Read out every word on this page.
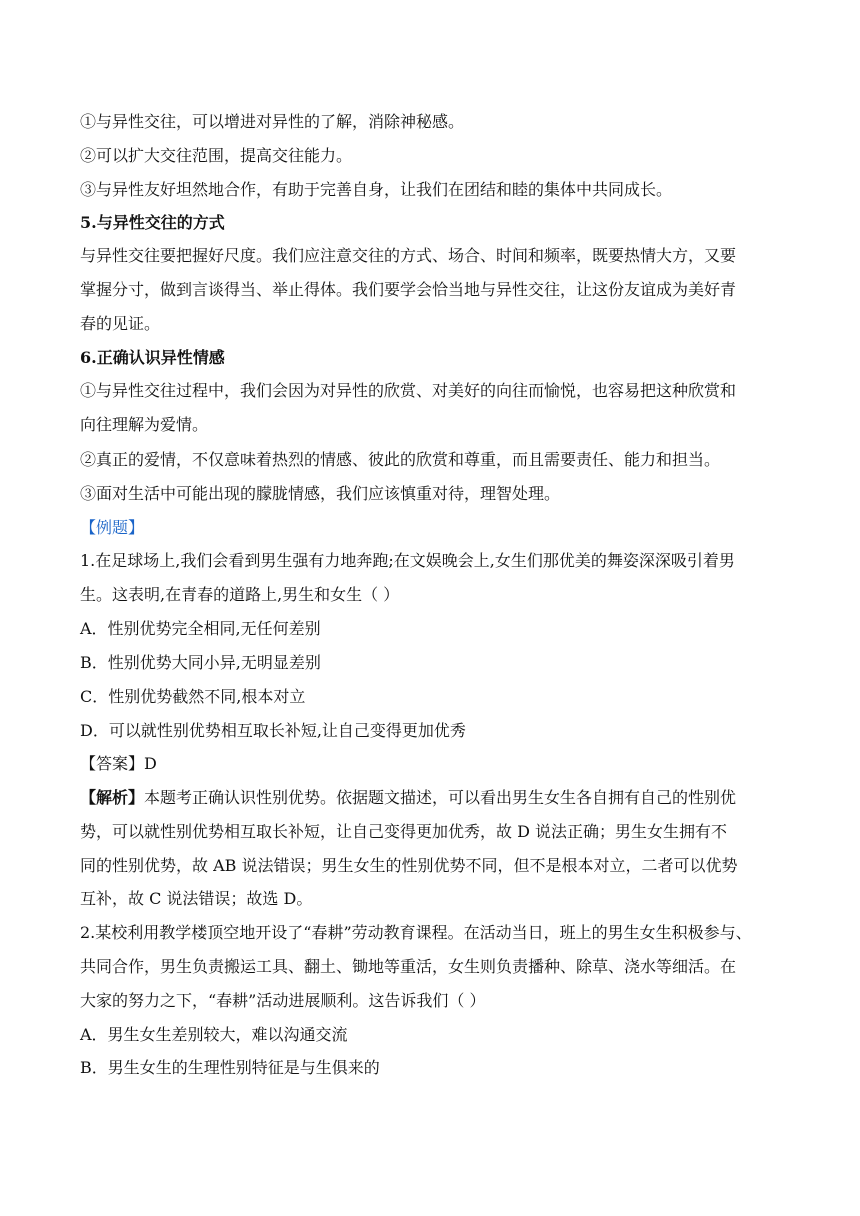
①与异性交往，可以增进对异性的了解，消除神秘感。
②可以扩大交往范围，提高交往能力。
③与异性友好坦然地合作，有助于完善自身，让我们在团结和睦的集体中共同成长。
5.与异性交往的方式
与异性交往要把握好尺度。我们应注意交往的方式、场合、时间和频率，既要热情大方，又要
掌握分寸，做到言谈得当、举止得体。我们要学会恰当地与异性交往，让这份友谊成为美好青
春的见证。
6.正确认识异性情感
①与异性交往过程中，我们会因为对异性的欣赏、对美好的向往而愉悦，也容易把这种欣赏和
向往理解为爱情。
②真正的爱情，不仅意味着热烈的情感、彼此的欣赏和尊重，而且需要责任、能力和担当。
③面对生活中可能出现的朦胧情感，我们应该慎重对待，理智处理。
【例题】
1.在足球场上,我们会看到男生强有力地奔跑;在文娱晚会上,女生们那优美的舞姿深深吸引着男
生。这表明,在青春的道路上,男生和女生（ ）
A．性别优势完全相同,无任何差别
B．性别优势大同小异,无明显差别
C．性别优势截然不同,根本对立
D．可以就性别优势相互取长补短,让自己变得更加优秀
【答案】D
【解析】本题考正确认识性别优势。依据题文描述，可以看出男生女生各自拥有自己的性别优
势，可以就性别优势相互取长补短，让自己变得更加优秀，故 D 说法正确；男生女生拥有不
同的性别优势，故 AB 说法错误；男生女生的性别优势不同，但不是根本对立，二者可以优势
互补，故 C 说法错误；故选 D。
2.某校利用教学楼顶空地开设了“春耕”劳动教育课程。在活动当日，班上的男生女生积极参与、
共同合作，男生负责搬运工具、翻土、锄地等重活，女生则负责播种、除草、浇水等细活。在
大家的努力之下，“春耕”活动进展顺利。这告诉我们（ ）
A．男生女生差别较大，难以沟通交流
B．男生女生的生理性别特征是与生俱来的
